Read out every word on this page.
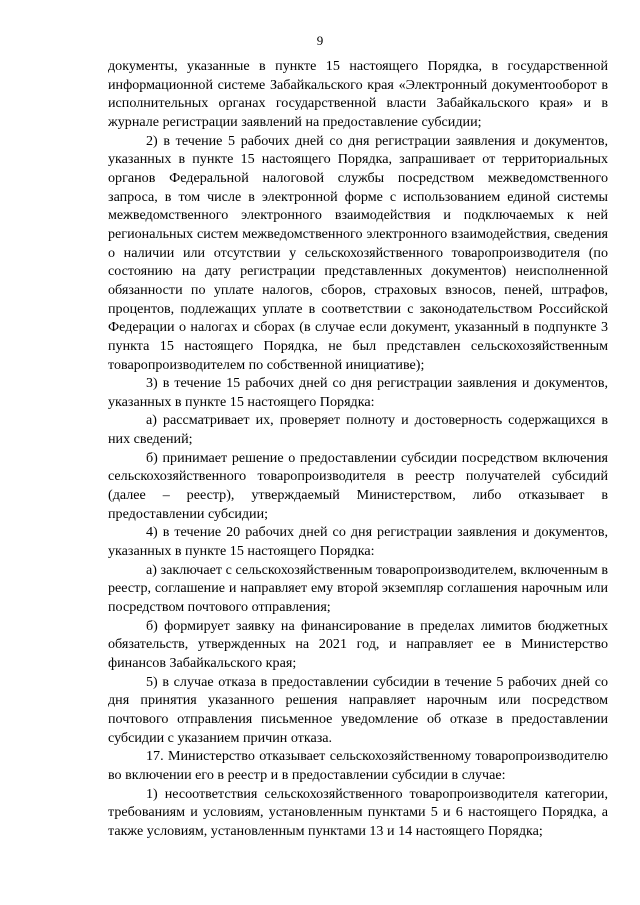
9

документы, указанные в пункте 15 настоящего Порядка, в государственной информационной системе Забайкальского края «Электронный документооборот в исполнительных органах государственной власти Забайкальского края» и в журнале регистрации заявлений на предоставление субсидии;

2) в течение 5 рабочих дней со дня регистрации заявления и документов, указанных в пункте 15 настоящего Порядка, запрашивает от территориальных органов Федеральной налоговой службы посредством межведомственного запроса, в том числе в электронной форме с использованием единой системы межведомственного электронного взаимодействия и подключаемых к ней региональных систем межведомственного электронного взаимодействия, сведения о наличии или отсутствии у сельскохозяйственного товаропроизводителя (по состоянию на дату регистрации представленных документов) неисполненной обязанности по уплате налогов, сборов, страховых взносов, пеней, штрафов, процентов, подлежащих уплате в соответствии с законодательством Российской Федерации о налогах и сборах (в случае если документ, указанный в подпункте 3 пункта 15 настоящего Порядка, не был представлен сельскохозяйственным товаропроизводителем по собственной инициативе);

3) в течение 15 рабочих дней со дня регистрации заявления и документов, указанных в пункте 15 настоящего Порядка:

а) рассматривает их, проверяет полноту и достоверность содержащихся в них сведений;

б) принимает решение о предоставлении субсидии посредством включения сельскохозяйственного товаропроизводителя в реестр получателей субсидий (далее – реестр), утверждаемый Министерством, либо отказывает в предоставлении субсидии;

4) в течение 20 рабочих дней со дня регистрации заявления и документов, указанных в пункте 15 настоящего Порядка:

а) заключает с сельскохозяйственным товаропроизводителем, включенным в реестр, соглашение и направляет ему второй экземпляр соглашения нарочным или посредством почтового отправления;

б) формирует заявку на финансирование в пределах лимитов бюджетных обязательств, утвержденных на 2021 год, и направляет ее в Министерство финансов Забайкальского края;

5) в случае отказа в предоставлении субсидии в течение 5 рабочих дней со дня принятия указанного решения направляет нарочным или посредством почтового отправления письменное уведомление об отказе в предоставлении субсидии с указанием причин отказа.

17. Министерство отказывает сельскохозяйственному товаропроизводителю во включении его в реестр и в предоставлении субсидии в случае:

1) несоответствия сельскохозяйственного товаропроизводителя категории, требованиям и условиям, установленным пунктами 5 и 6 настоящего Порядка, а также условиям, установленным пунктами 13 и 14 настоящего Порядка;
